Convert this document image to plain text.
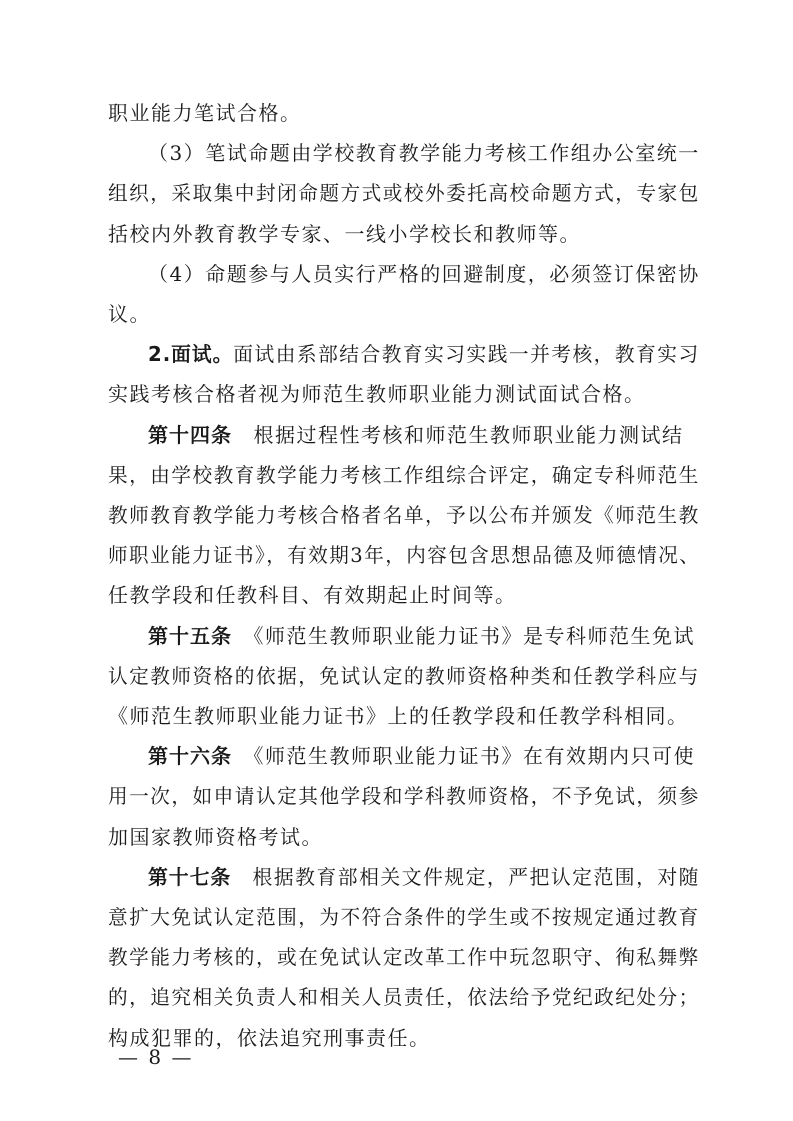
职业能力笔试合格。
（3）笔试命题由学校教育教学能力考核工作组办公室统一
组织，采取集中封闭命题方式或校外委托高校命题方式，专家包
括校内外教育教学专家、一线小学校长和教师等。
（4）命题参与人员实行严格的回避制度，必须签订保密协
议。
2.面试。面试由系部结合教育实习实践一并考核，教育实习
实践考核合格者视为师范生教师职业能力测试面试合格。
第十四条　根据过程性考核和师范生教师职业能力测试结
果，由学校教育教学能力考核工作组综合评定，确定专科师范生
教师教育教学能力考核合格者名单，予以公布并颁发《师范生教
师职业能力证书》，有效期3年，内容包含思想品德及师德情况、
任教学段和任教科目、有效期起止时间等。
第十五条　《师范生教师职业能力证书》是专科师范生免试
认定教师资格的依据，免试认定的教师资格种类和任教学科应与
《师范生教师职业能力证书》上的任教学段和任教学科相同。
第十六条　《师范生教师职业能力证书》在有效期内只可使
用一次，如申请认定其他学段和学科教师资格，不予免试，须参
加国家教师资格考试。
第十七条　根据教育部相关文件规定，严把认定范围，对随
意扩大免试认定范围，为不符合条件的学生或不按规定通过教育
教学能力考核的，或在免试认定改革工作中玩忽职守、徇私舞弊
的，追究相关负责人和相关人员责任，依法给予党纪政纪处分；
构成犯罪的，依法追究刑事责任。
— 8 —
